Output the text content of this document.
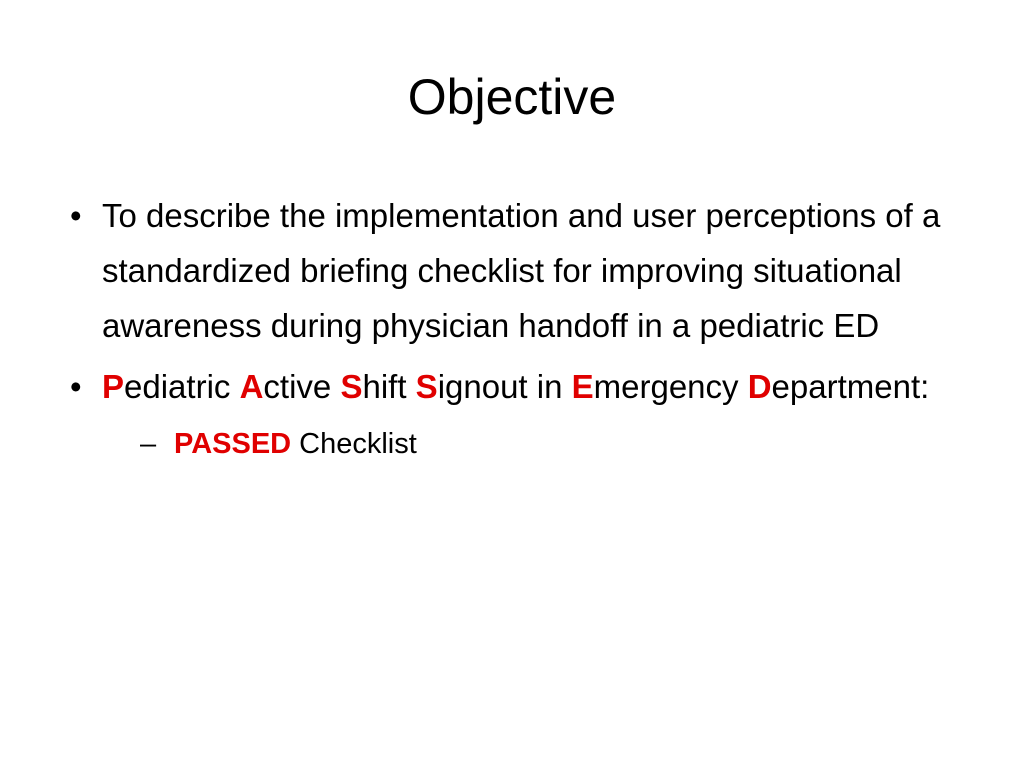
Objective
• To describe the implementation and user perceptions of a standardized briefing checklist for improving situational awareness during physician handoff in a pediatric ED
• Pediatric Active Shift Signout in Emergency Department:
– PASSED Checklist
